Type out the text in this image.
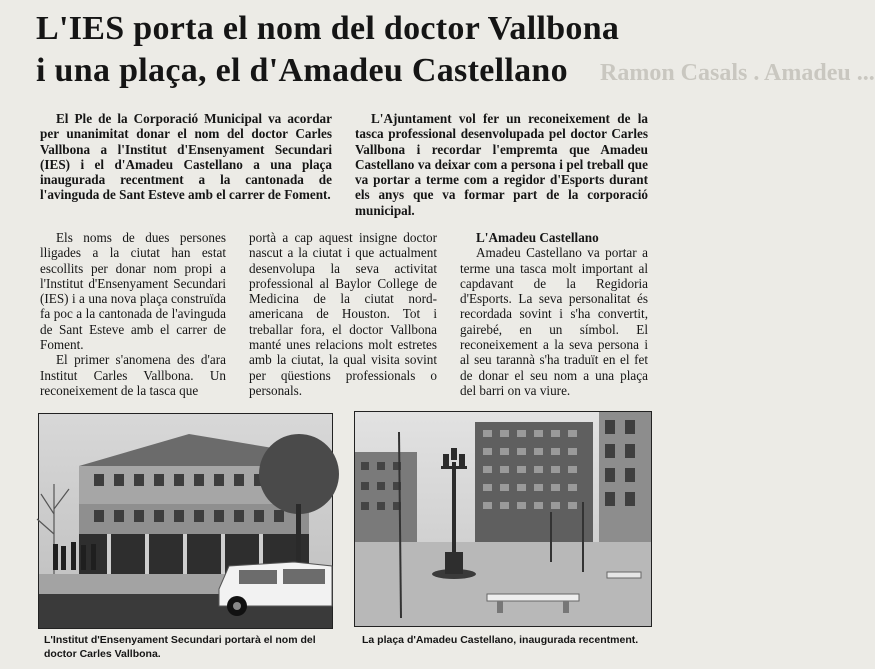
Ramon Casals . Amadeu ...
L'IES porta el nom del doctor Vallbona
i una plaça, el d'Amadeu Castellano

El Ple de la Corporació Municipal va acordar per unanimitat donar el nom del doctor Carles Vallbona a l'Institut d'Ensenyament Secundari (IES) i el d'Amadeu Castellano a una plaça inaugurada recentment a la cantonada de l'avinguda de Sant Esteve amb el carrer de Foment.

L'Ajuntament vol fer un reconeixement de la tasca professional desenvolupada pel doctor Carles Vallbona i recordar l'empremta que Amadeu Castellano va deixar com a persona i pel treball que va portar a terme com a regidor d'Esports durant els anys que va formar part de la corporació municipal.

Els noms de dues persones lligades a la ciutat han estat escollits per donar nom propi a l'Institut d'Ensenyament Secundari (IES) i a una nova plaça construïda fa poc a la cantonada de l'avinguda de Sant Esteve amb el carrer de Foment.

El primer s'anomena des d'ara Institut Carles Vallbona. Un reconeixement de la tasca que

portà a cap aquest insigne doctor nascut a la ciutat i que actualment desenvolupa la seva activitat professional al Baylor College de Medicina de la ciutat nord-americana de Houston. Tot i treballar fora, el doctor Vallbona manté unes relacions molt estretes amb la ciutat, la qual visita sovint per qüestions professionals o personals.

L'Amadeu Castellano

Amadeu Castellano va portar a terme una tasca molt important al capdavant de la Regidoria d'Esports. La seva personalitat és recordada sovint i s'ha convertit, gairebé, en un símbol. El reconeixement a la seva persona i al seu tarannà s'ha traduït en el fet de donar el seu nom a una plaça del barri on va viure.

L'Institut d'Ensenyament Secundari portarà el nom del doctor Carles Vallbona.
La plaça d'Amadeu Castellano, inaugurada recentment.
